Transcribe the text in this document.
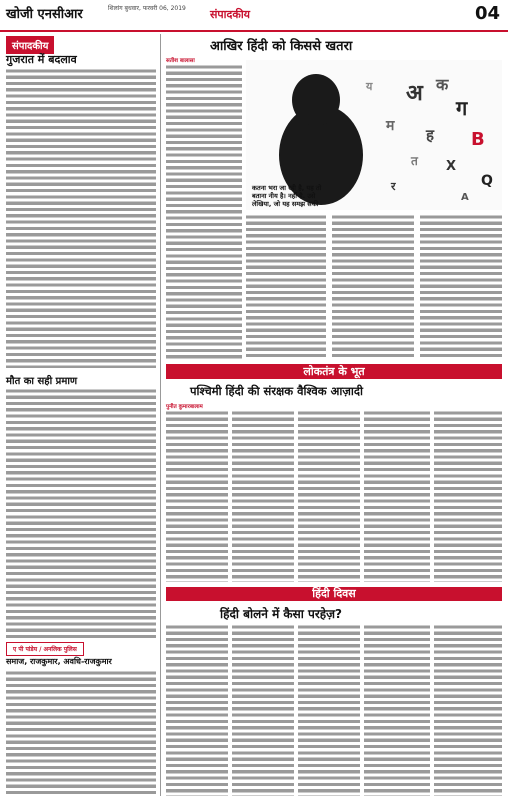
खोजी एनसीआर	शिलांग बुधवार, फरवरी 06, 2019	संपादकीय	04
संपादकीय
गुजरात में बदलाव
मौत का सही प्रमाण
ए पी पांडेय / अनलिक पुलिस
समाज, राजकुमार, अवधि-राजकुमार
आखिर हिंदी को किससे खतरा
सतीश बालासा
अ क
ग
म
B
ह
X
त
Q
य
A
र
कतना भरा जा रही है, यह तो बताना नीय है। नहीं है. उसे लेखिया, जो यह समझ सकी
लोकतंत्र के भूत
पश्चिमी हिंदी की संरक्षक वैश्विक आज़ादी
पुनीत कुमारबालाम
हिंदी दिवस
हिंदी बोलने में कैसा परहेज़?
